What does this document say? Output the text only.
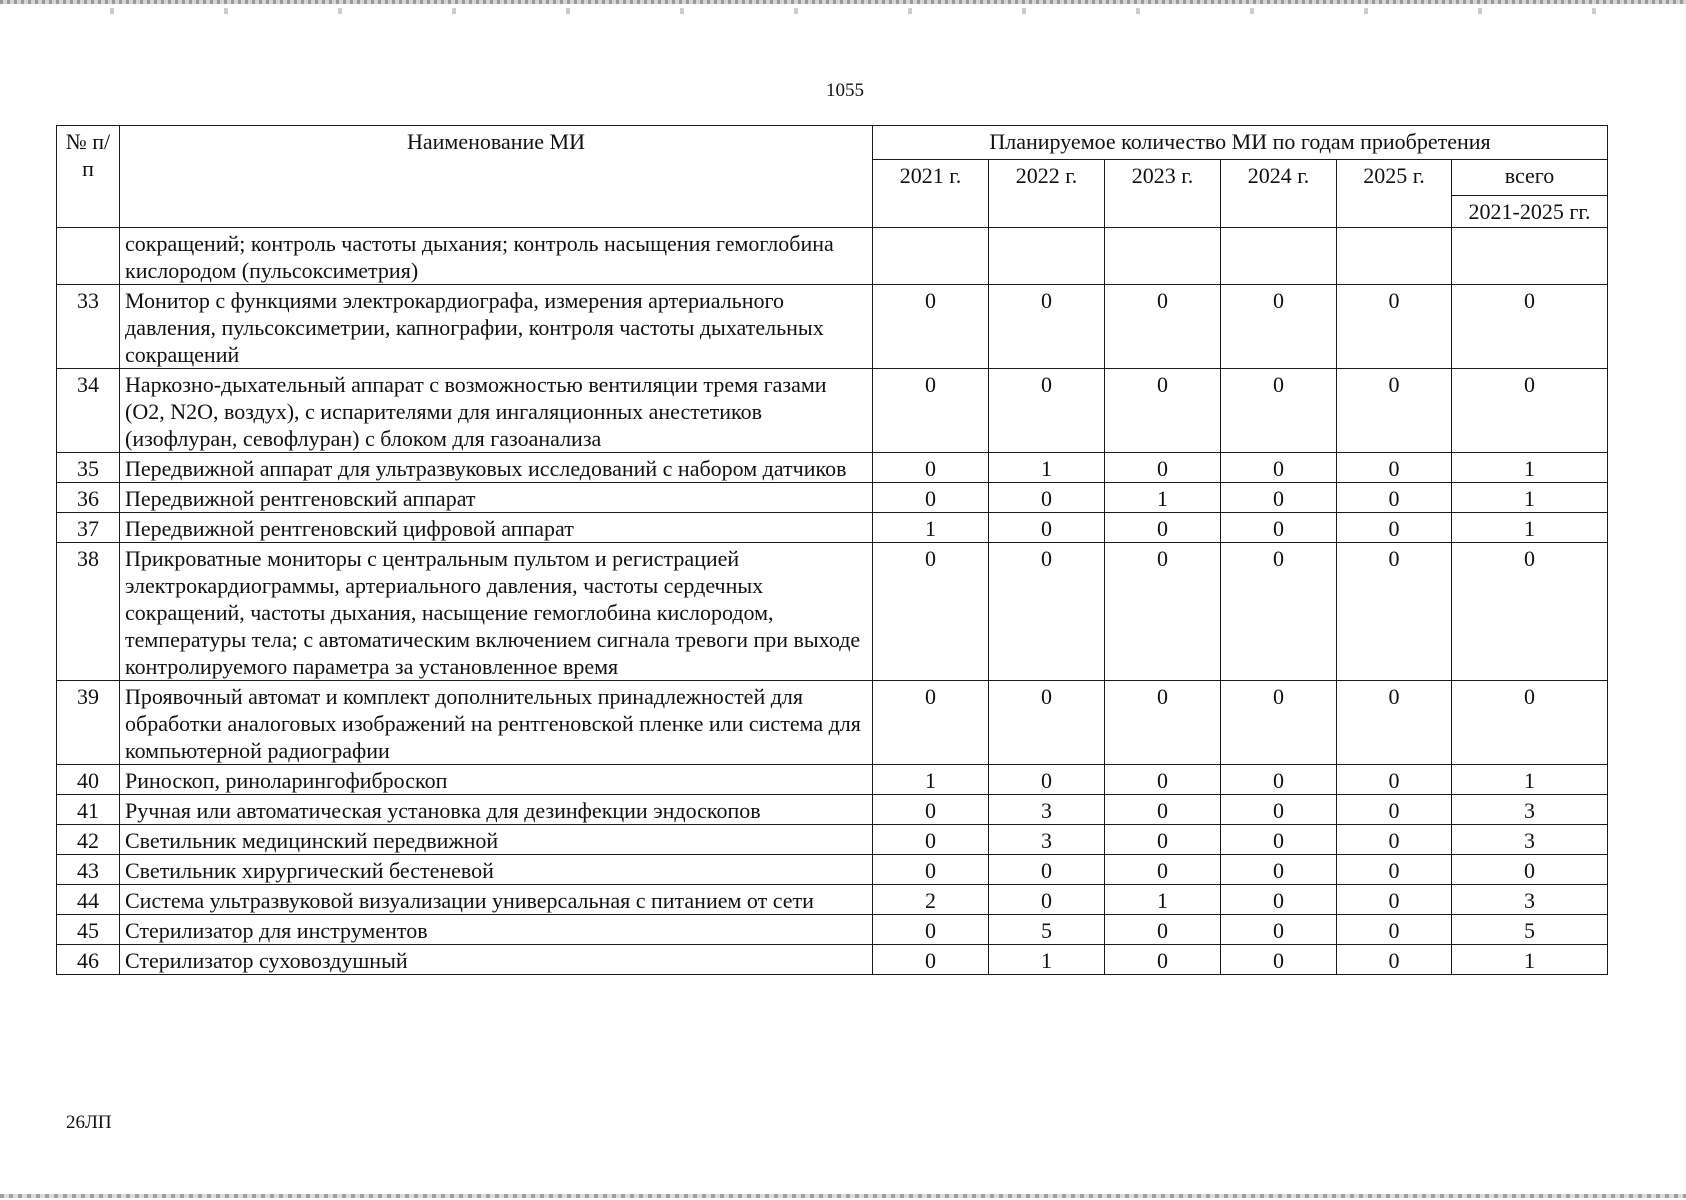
1055
№ п/п	Наименование МИ	Планируемое количество МИ по годам приобретения					
		2021 г.	2022 г.	2023 г.	2024 г.	2025 г.	всего
							2021-2025 гг.
	сокращений; контроль частоты дыхания; контроль насыщения гемоглобина кислородом (пульсоксиметрия)						
33	Монитор с функциями электрокардиографа, измерения артериального давления, пульсоксиметрии, капнографии, контроля частоты дыхательных сокращений	0	0	0	0	0	0
34	Наркозно-дыхательный аппарат с возможностью вентиляции тремя газами (O2, N2O, воздух), с испарителями для ингаляционных анестетиков (изофлуран, севофлуран) с блоком для газоанализа	0	0	0	0	0	0
35	Передвижной аппарат для ультразвуковых исследований с набором датчиков	0	1	0	0	0	1
36	Передвижной рентгеновский аппарат	0	0	1	0	0	1
37	Передвижной рентгеновский цифровой аппарат	1	0	0	0	0	1
38	Прикроватные мониторы с центральным пультом и регистрацией электрокардиограммы, артериального давления, частоты сердечных сокращений, частоты дыхания, насыщение гемоглобина кислородом, температуры тела; с автоматическим включением сигнала тревоги при выходе контролируемого параметра за установленное время	0	0	0	0	0	0
39	Проявочный автомат и комплект дополнительных принадлежностей для обработки аналоговых изображений на рентгеновской пленке или система для компьютерной радиографии	0	0	0	0	0	0
40	Риноскоп, риноларингофиброскоп	1	0	0	0	0	1
41	Ручная или автоматическая установка для дезинфекции эндоскопов	0	3	0	0	0	3
42	Светильник медицинский передвижной	0	3	0	0	0	3
43	Светильник хирургический бестеневой	0	0	0	0	0	0
44	Система ультразвуковой визуализации универсальная с питанием от сети	2	0	1	0	0	3
45	Стерилизатор для инструментов	0	5	0	0	0	5
46	Стерилизатор суховоздушный	0	1	0	0	0	1
26ЛП
